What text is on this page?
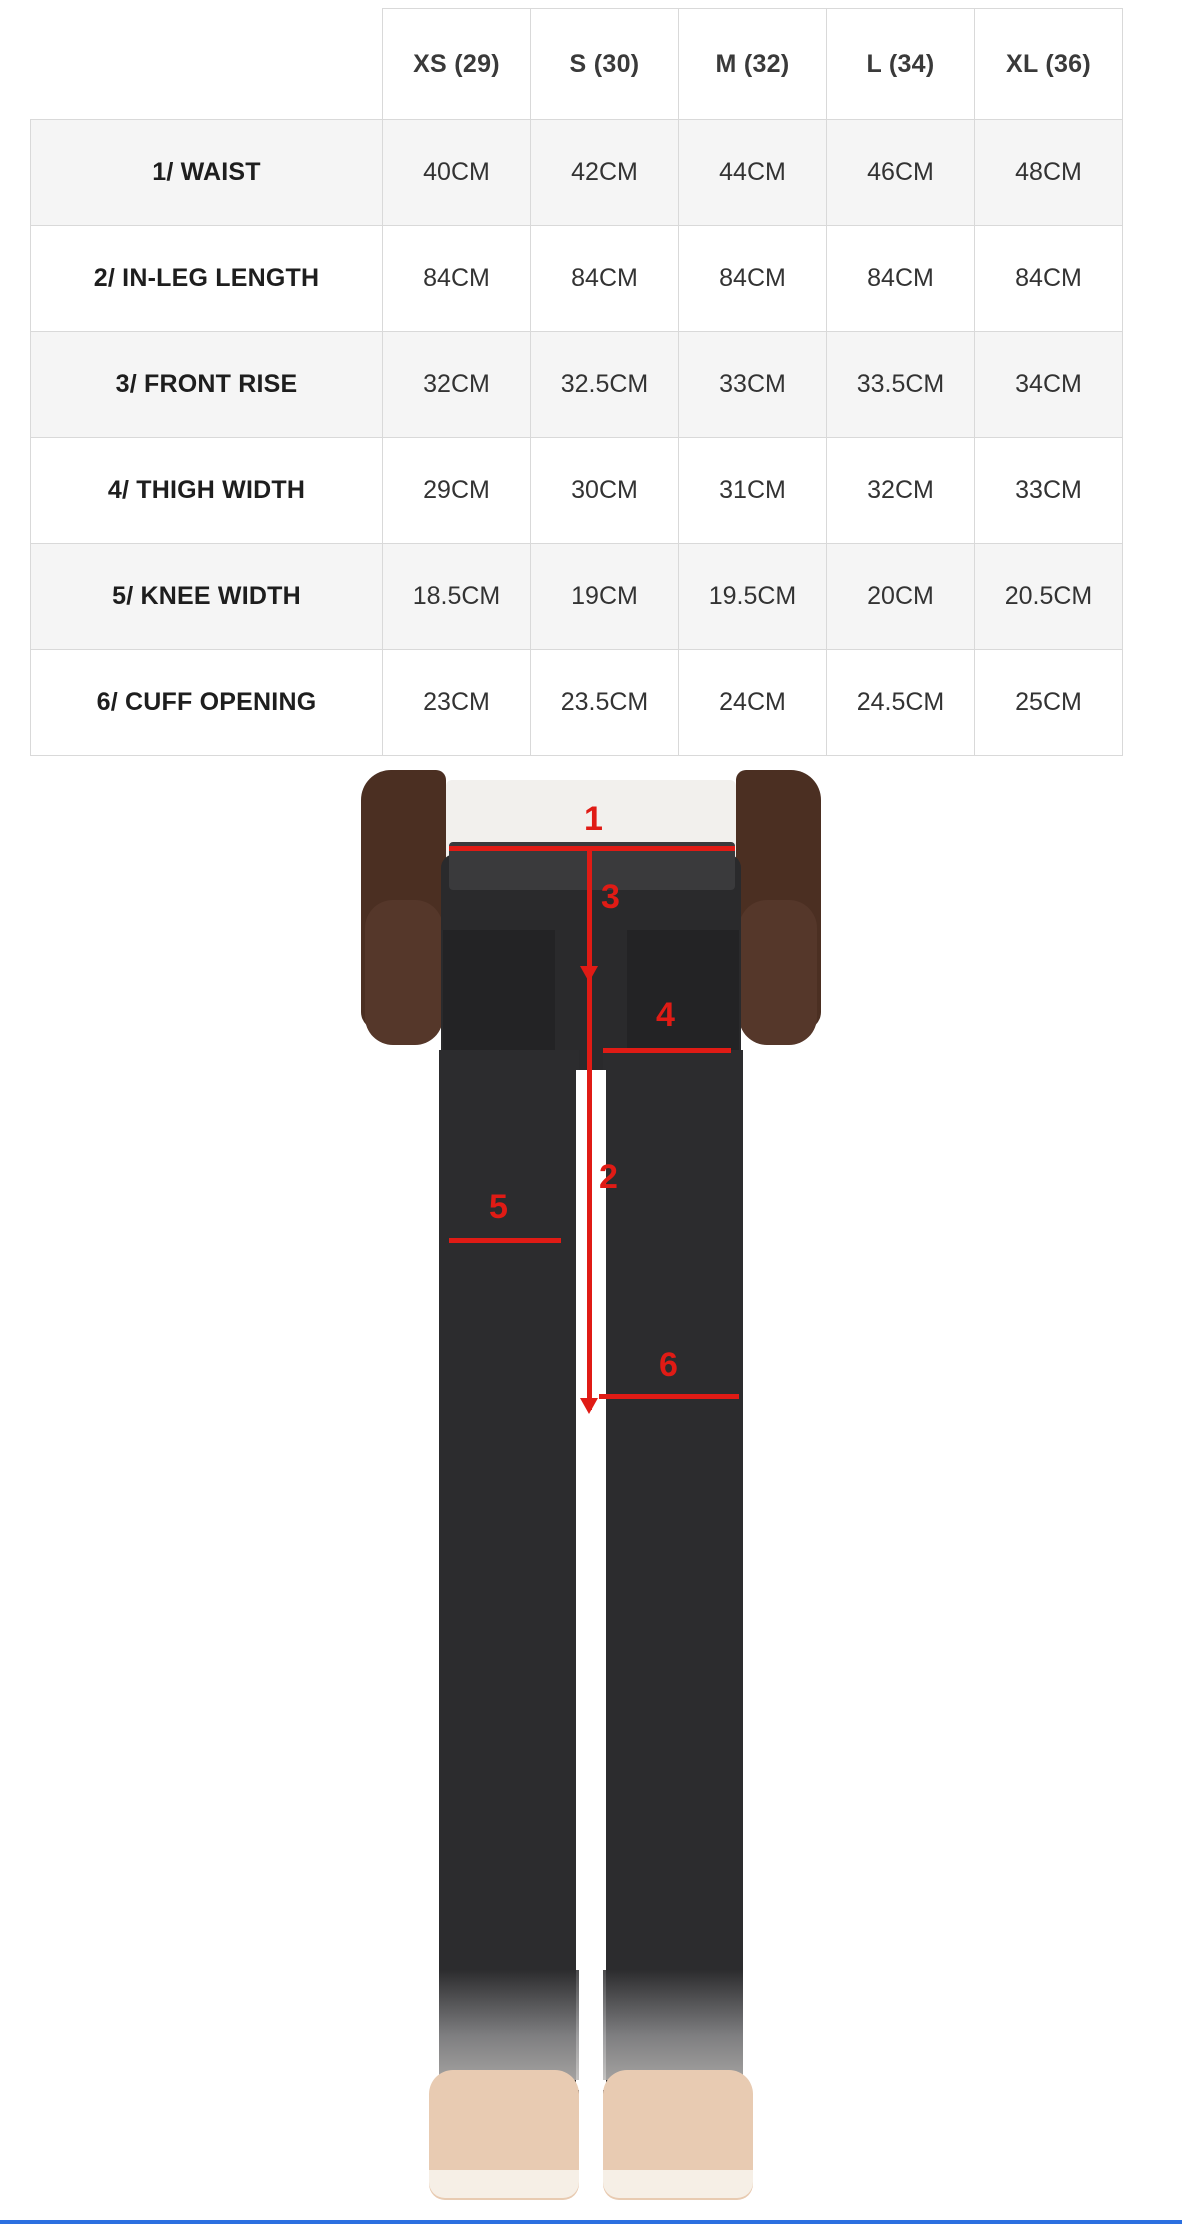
	XS (29)	S (30)	M (32)	L (34)	XL (36)
1/ WAIST	40CM	42CM	44CM	46CM	48CM
2/ IN-LEG LENGTH	84CM	84CM	84CM	84CM	84CM
3/ FRONT RISE	32CM	32.5CM	33CM	33.5CM	34CM
4/ THIGH WIDTH	29CM	30CM	31CM	32CM	33CM
5/ KNEE WIDTH	18.5CM	19CM	19.5CM	20CM	20.5CM
6/ CUFF OPENING	23CM	23.5CM	24CM	24.5CM	25CM
1
3
4
2
5
6
